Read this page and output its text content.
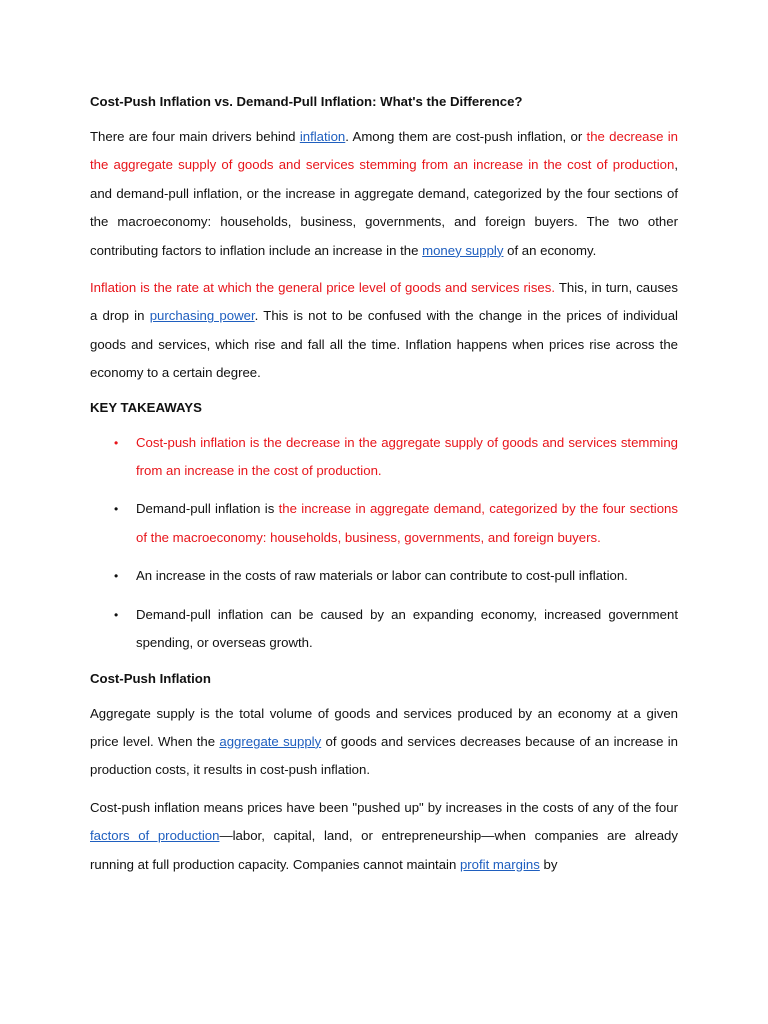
Cost-Push Inflation vs. Demand-Pull Inflation: What's the Difference?

There are four main drivers behind inflation. Among them are cost-push inflation, or the decrease in the aggregate supply of goods and services stemming from an increase in the cost of production, and demand-pull inflation, or the increase in aggregate demand, categorized by the four sections of the macroeconomy: households, business, governments, and foreign buyers. The two other contributing factors to inflation include an increase in the money supply of an economy.

Inflation is the rate at which the general price level of goods and services rises. This, in turn, causes a drop in purchasing power. This is not to be confused with the change in the prices of individual goods and services, which rise and fall all the time. Inflation happens when prices rise across the economy to a certain degree.

KEY TAKEAWAYS

• Cost-push inflation is the decrease in the aggregate supply of goods and services stemming from an increase in the cost of production.
• Demand-pull inflation is the increase in aggregate demand, categorized by the four sections of the macroeconomy: households, business, governments, and foreign buyers.
• An increase in the costs of raw materials or labor can contribute to cost-pull inflation.
• Demand-pull inflation can be caused by an expanding economy, increased government spending, or overseas growth.

Cost-Push Inflation

Aggregate supply is the total volume of goods and services produced by an economy at a given price level. When the aggregate supply of goods and services decreases because of an increase in production costs, it results in cost-push inflation.

Cost-push inflation means prices have been "pushed up" by increases in the costs of any of the four factors of production—labor, capital, land, or entrepreneurship—when companies are already running at full production capacity. Companies cannot maintain profit margins by
